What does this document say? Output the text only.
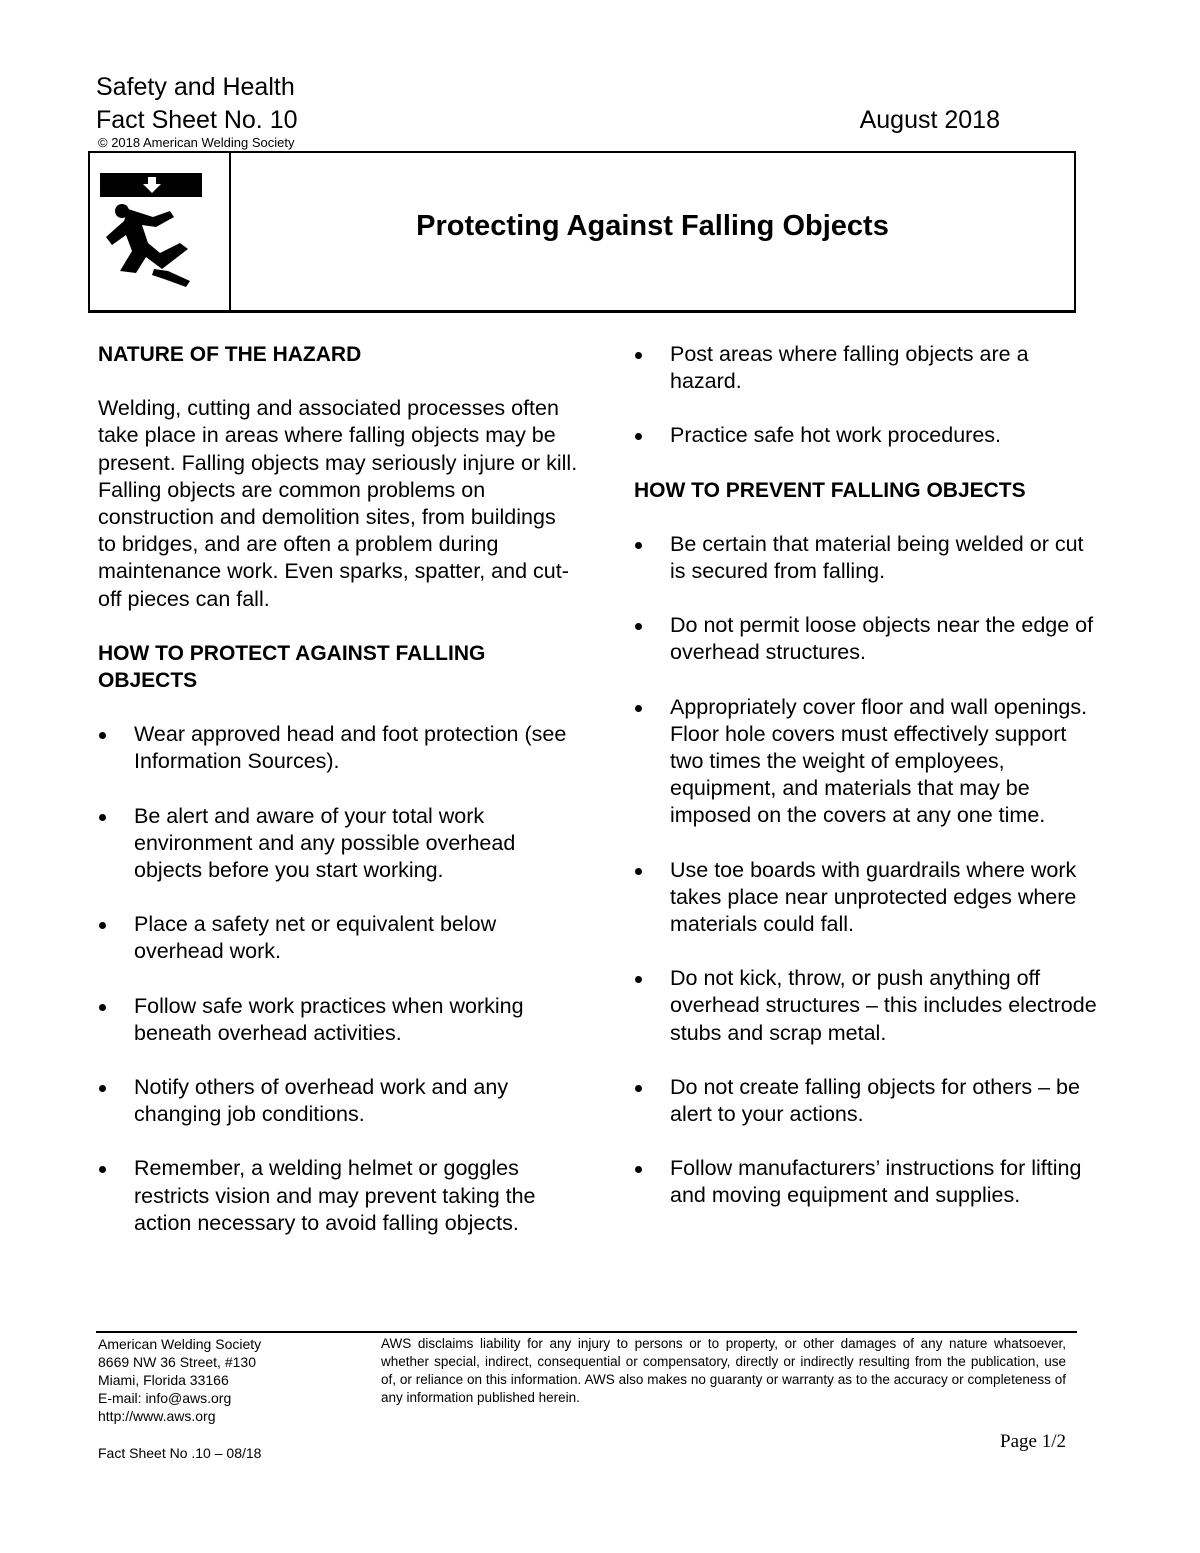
Safety and Health
Fact Sheet No. 10	August 2018
© 2018 American Welding Society
Protecting Against Falling Objects
NATURE OF THE HAZARD
Welding, cutting and associated processes often take place in areas where falling objects may be present. Falling objects may seriously injure or kill. Falling objects are common problems on construction and demolition sites, from buildings to bridges, and are often a problem during maintenance work. Even sparks, spatter, and cut-off pieces can fall.
HOW TO PROTECT AGAINST FALLING OBJECTS
Wear approved head and foot protection (see Information Sources).
Be alert and aware of your total work environment and any possible overhead objects before you start working.
Place a safety net or equivalent below overhead work.
Follow safe work practices when working beneath overhead activities.
Notify others of overhead work and any changing job conditions.
Remember, a welding helmet or goggles restricts vision and may prevent taking the action necessary to avoid falling objects.
Post areas where falling objects are a hazard.
Practice safe hot work procedures.
HOW TO PREVENT FALLING OBJECTS
Be certain that material being welded or cut is secured from falling.
Do not permit loose objects near the edge of overhead structures.
Appropriately cover floor and wall openings. Floor hole covers must effectively support two times the weight of employees, equipment, and materials that may be imposed on the covers at any one time.
Use toe boards with guardrails where work takes place near unprotected edges where materials could fall.
Do not kick, throw, or push anything off overhead structures – this includes electrode stubs and scrap metal.
Do not create falling objects for others – be alert to your actions.
Follow manufacturers’ instructions for lifting and moving equipment and supplies.
American Welding Society
8669 NW 36 Street, #130
Miami, Florida 33166
E-mail: info@aws.org
http://www.aws.org
AWS disclaims liability for any injury to persons or to property, or other damages of any nature whatsoever, whether special, indirect, consequential or compensatory, directly or indirectly resulting from the publication, use of, or reliance on this information. AWS also makes no guaranty or warranty as to the accuracy or completeness of any information published herein.
Page 1/2
Fact Sheet No .10 – 08/18
